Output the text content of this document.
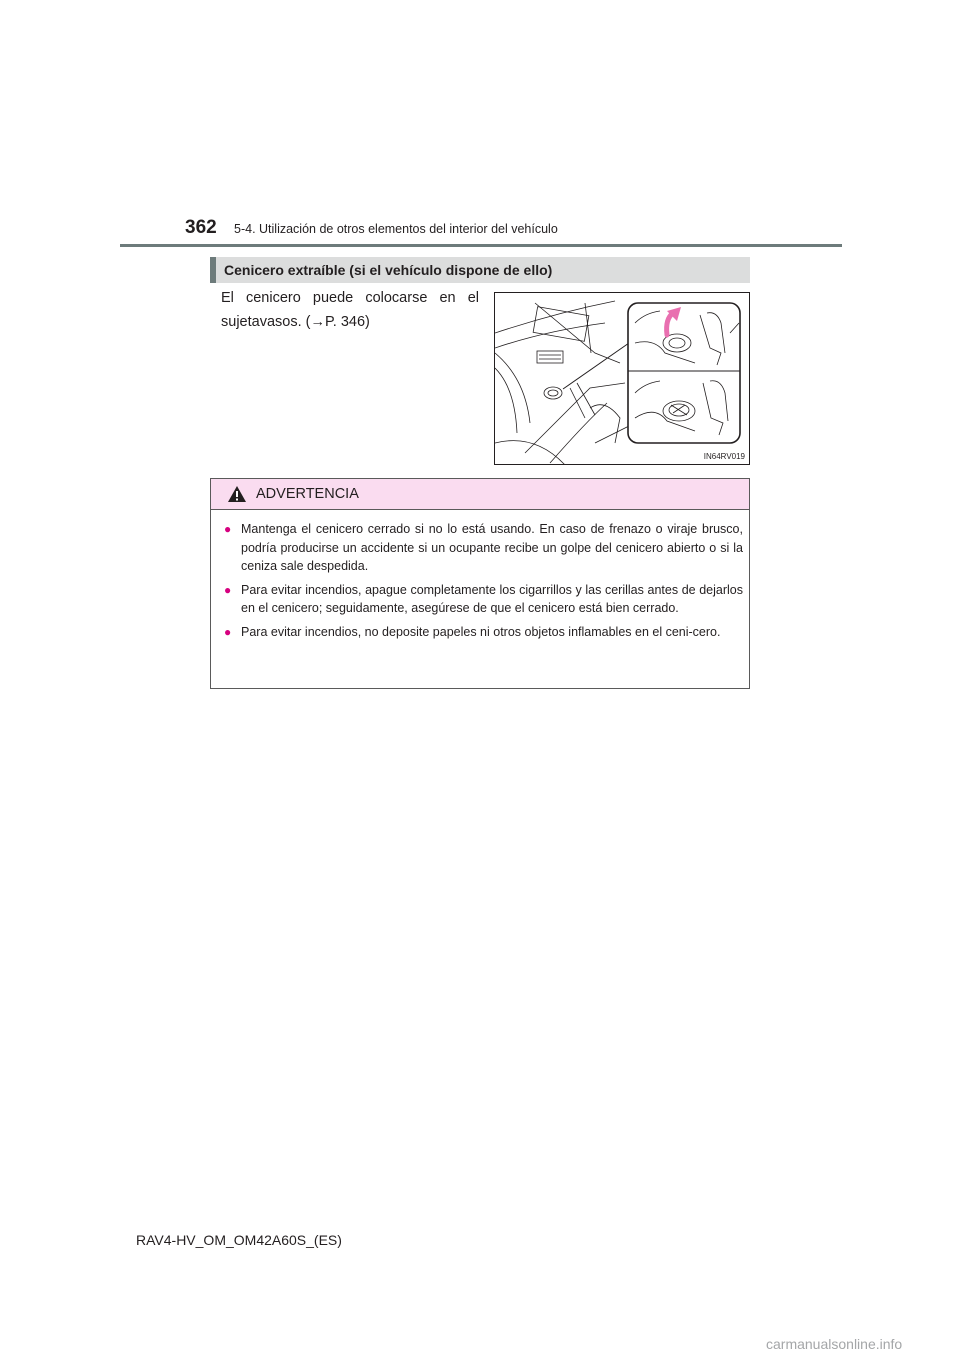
362 5-4. Utilización de otros elementos del interior del vehículo
Cenicero extraíble (si el vehículo dispone de ello)
El cenicero puede colocarse en el
sujetavasos. (→P. 346)
IN64RV019
ADVERTENCIA
● Mantenga el cenicero cerrado si no lo está usando. En caso de frenazo o viraje brusco, podría producirse un accidente si un ocupante recibe un golpe del cenicero abierto o si la ceniza sale despedida.
● Para evitar incendios, apague completamente los cigarrillos y las cerillas antes de dejarlos en el cenicero; seguidamente, asegúrese de que el cenicero está bien cerrado.
● Para evitar incendios, no deposite papeles ni otros objetos inflamables en el ceni-cero.
RAV4-HV_OM_OM42A60S_(ES)
carmanualsonline.info
